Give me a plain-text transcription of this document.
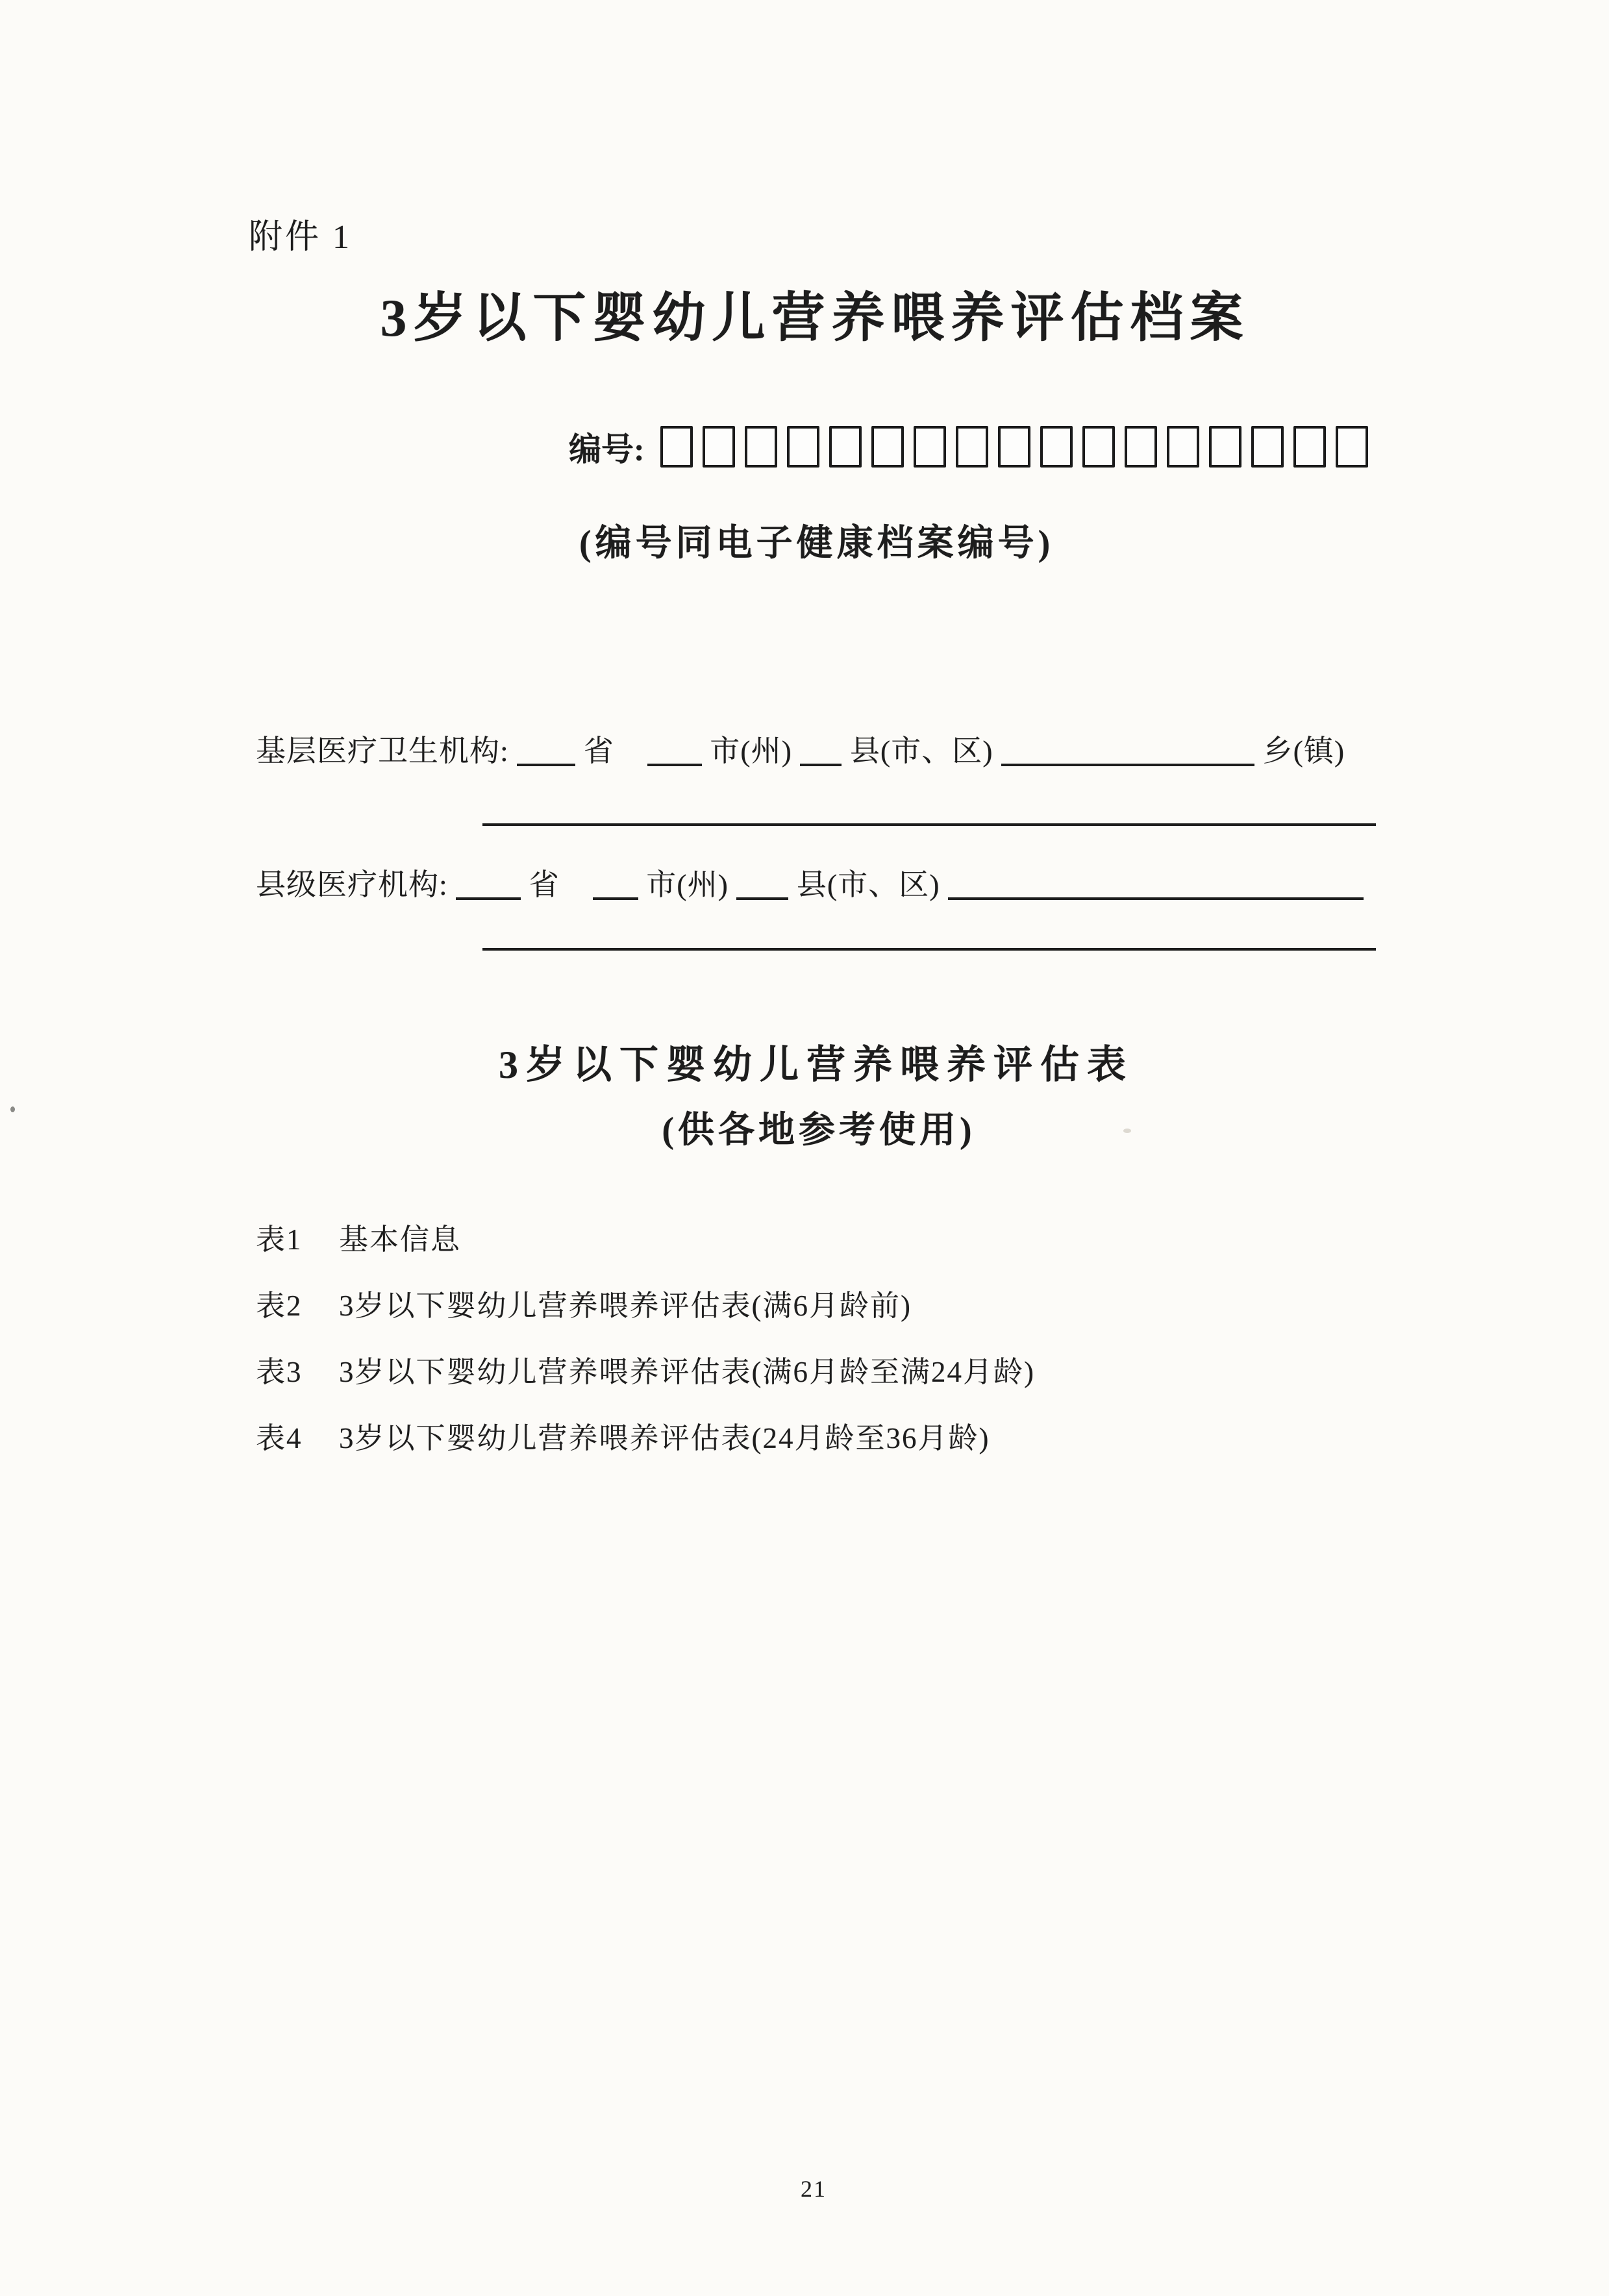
附件 1
3岁以下婴幼儿营养喂养评估档案
编号:
(编号同电子健康档案编号)
基层医疗卫生机构:	省	市(州) 县(市、区)	乡(镇)
县级医疗机构:	省	市(州) 县(市、区)
3岁以下婴幼儿营养喂养评估表
(供各地参考使用)
表1 基本信息
表2 3岁以下婴幼儿营养喂养评估表(满6月龄前)
表3 3岁以下婴幼儿营养喂养评估表(满6月龄至满24月龄)
表4 3岁以下婴幼儿营养喂养评估表(24月龄至36月龄)
21
